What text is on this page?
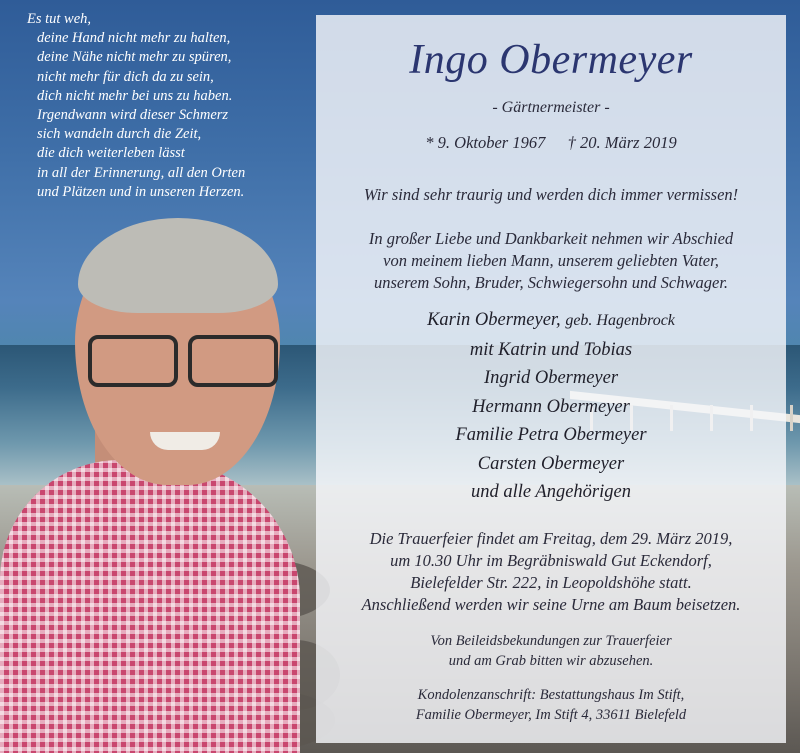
Es tut weh,
deine Hand nicht mehr zu halten,
deine Nähe nicht mehr zu spüren,
nicht mehr für dich da zu sein,
dich nicht mehr bei uns zu haben.
Irgendwann wird dieser Schmerz
sich wandeln durch die Zeit,
die dich weiterleben lässt
in all der Erinnerung, all den Orten
und Plätzen und in unseren Herzen.
Ingo Obermeyer
- Gärtnermeister -
* 9. Oktober 1967 † 20. März 2019
Wir sind sehr traurig und werden dich immer vermissen!
In großer Liebe und Dankbarkeit nehmen wir Abschied
von meinem lieben Mann, unserem geliebten Vater,
unserem Sohn, Bruder, Schwiegersohn und Schwager.
Karin Obermeyer, geb. Hagenbrock
mit Katrin und Tobias
Ingrid Obermeyer
Hermann Obermeyer
Familie Petra Obermeyer
Carsten Obermeyer
und alle Angehörigen
Die Trauerfeier findet am Freitag, dem 29. März 2019,
um 10.30 Uhr im Begräbniswald Gut Eckendorf,
Bielefelder Str. 222, in Leopoldshöhe statt.
Anschließend werden wir seine Urne am Baum beisetzen.
Von Beileidsbekundungen zur Trauerfeier
und am Grab bitten wir abzusehen.
Kondolenzanschrift: Bestattungshaus Im Stift,
Familie Obermeyer, Im Stift 4, 33611 Bielefeld
